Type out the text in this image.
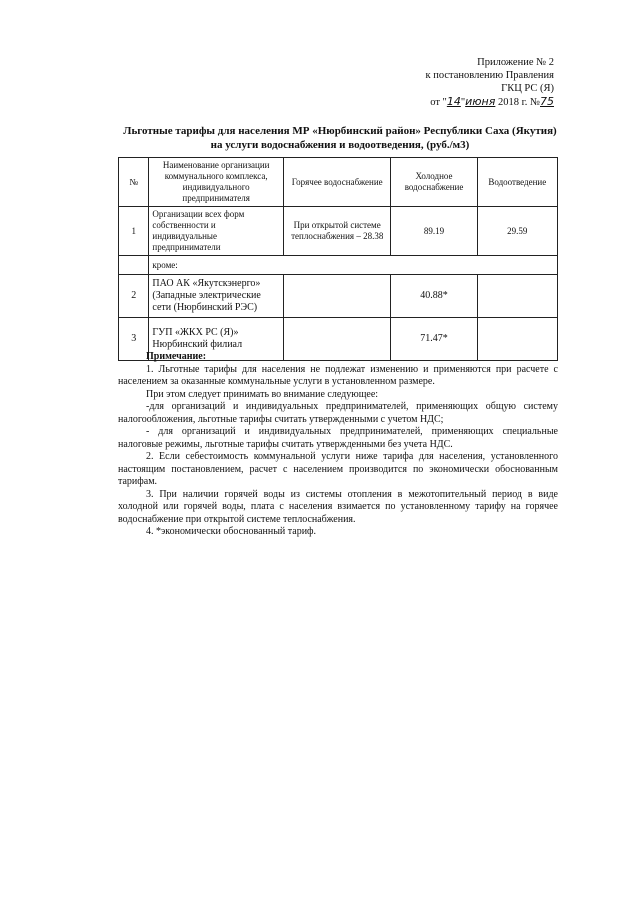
Приложение № 2
к постановлению Правления
ГКЦ РС (Я)
от "14"июня 2018 г. №75
Льготные тарифы для населения МР «Нюрбинский район» Республики Саха (Якутия)
на услуги водоснабжения и водоотведения, (руб./м3)
№	Наименование организации коммунального комплекса, индивидуального предпринимателя	Горячее водоснабжение	Холодное водоснабжение	Водоотведение
1	Организации всех форм собственности и индивидуальные предприниматели	При открытой системе теплоснабжения – 28.38	89.19	29.59
	кроме:			
2	ПАО АК «Якутскэнерго» (Западные электрические сети (Нюрбинский РЭС)		40.88*	
3	ГУП «ЖКХ РС (Я)» Нюрбинский филиал		71.47*	

Примечание:

1. Льготные тарифы для населения не подлежат изменению и применяются при расчете с населением за оказанные коммунальные услуги в установленном размере.

При этом следует принимать во внимание следующее:

-для организаций и индивидуальных предпринимателей, применяющих общую систему налогообложения, льготные тарифы считать утвержденными с учетом НДС;

- для организаций и индивидуальных предпринимателей, применяющих специальные налоговые режимы, льготные тарифы считать утвержденными без учета НДС.

2. Если себестоимость коммунальной услуги ниже тарифа для населения, установленного настоящим постановлением, расчет с населением производится по экономически обоснованным тарифам.

3. При наличии горячей воды из системы отопления в межотопительный период в виде холодной или горячей воды, плата с населения взимается по установленному тарифу на горячее водоснабжение при открытой системе теплоснабжения.

4. *экономически обоснованный тариф.
